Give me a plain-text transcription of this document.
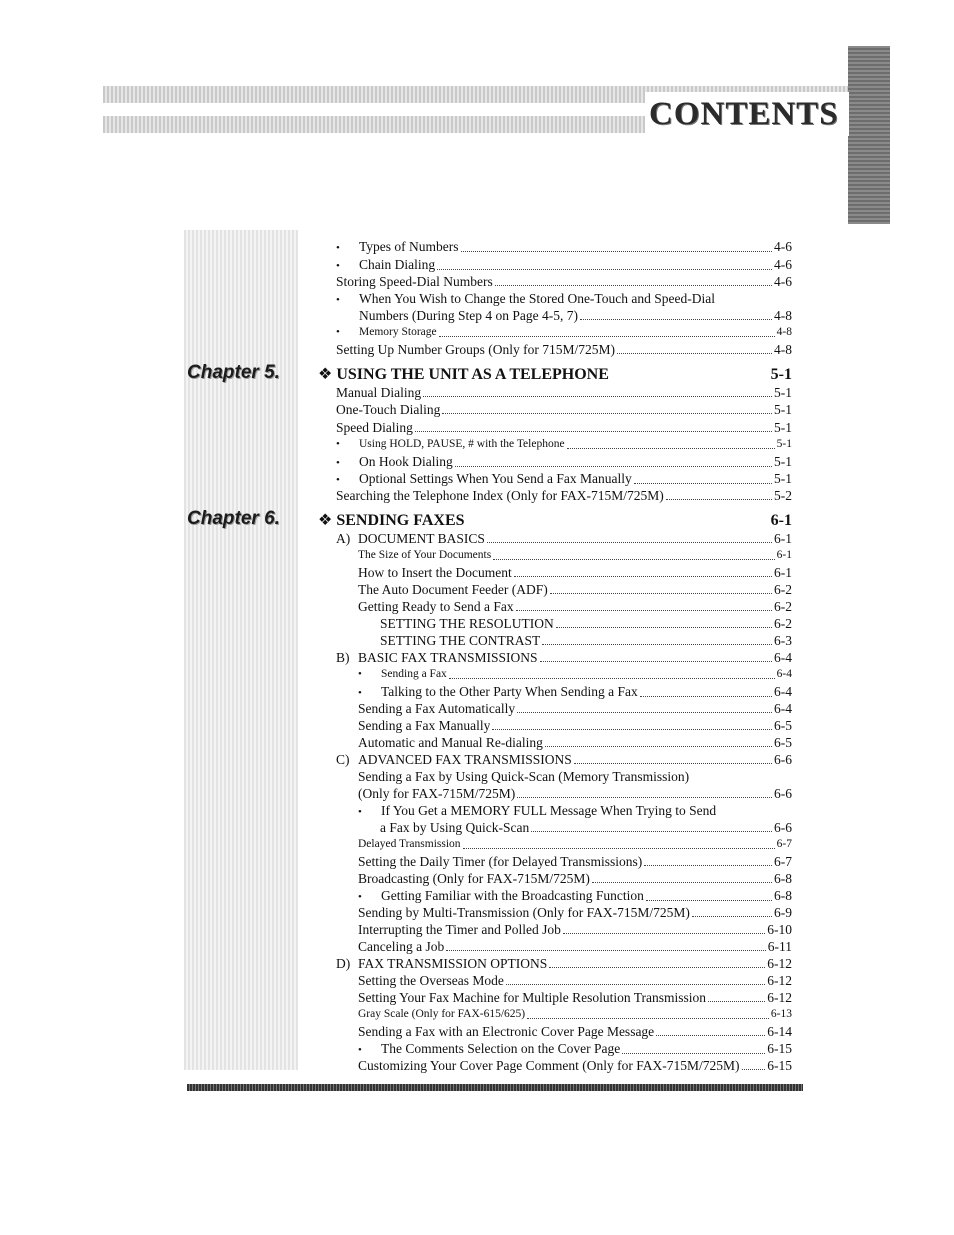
CONTENTS
Chapter 5.
Chapter 6.
•
Types of Numbers	4-6
•
Chain Dialing	4-6
Storing Speed-Dial Numbers	4-6
•
When You Wish to Change the Stored One-Touch and Speed-Dial
Numbers (During Step 4 on Page 4-5, 7)	4-8
•
Memory Storage	4-8
Setting Up Number Groups (Only for 715M/725M)	4-8
❖ USING THE UNIT AS A TELEPHONE	5-1
Manual Dialing	5-1
One-Touch Dialing	5-1
Speed Dialing	5-1
•
Using HOLD, PAUSE, # with the Telephone	5-1
•
On Hook Dialing	5-1
•
Optional Settings When You Send a Fax Manually	5-1
Searching the Telephone Index (Only for FAX-715M/725M)	5-2
❖ SENDING FAXES	6-1
A) DOCUMENT BASICS	6-1
The Size of Your Documents	6-1
How to Insert the Document	6-1
The Auto Document Feeder (ADF)	6-2
Getting Ready to Send a Fax	6-2
SETTING THE RESOLUTION	6-2
SETTING THE CONTRAST	6-3
B) BASIC FAX TRANSMISSIONS	6-4
•
Sending a Fax	6-4
•
Talking to the Other Party When Sending a Fax	6-4
Sending a Fax Automatically	6-4
Sending a Fax Manually	6-5
Automatic and Manual Re-dialing	6-5
C) ADVANCED FAX TRANSMISSIONS	6-6
Sending a Fax by Using Quick-Scan (Memory Transmission)
(Only for FAX-715M/725M)	6-6
•
If You Get a MEMORY FULL Message When Trying to Send
a Fax by Using Quick-Scan	6-6
Delayed Transmission	6-7
Setting the Daily Timer (for Delayed Transmissions)	6-7
Broadcasting (Only for FAX-715M/725M)	6-8
•
Getting Familiar with the Broadcasting Function	6-8
Sending by Multi-Transmission (Only for FAX-715M/725M)	6-9
Interrupting the Timer and Polled Job	6-10
Canceling a Job	6-11
D) FAX TRANSMISSION OPTIONS	6-12
Setting the Overseas Mode	6-12
Setting Your Fax Machine for Multiple Resolution Transmission	6-12
Gray Scale (Only for FAX-615/625)	6-13
Sending a Fax with an Electronic Cover Page Message	6-14
•
The Comments Selection on the Cover Page	6-15
Customizing Your Cover Page Comment (Only for FAX-715M/725M) 6-15
